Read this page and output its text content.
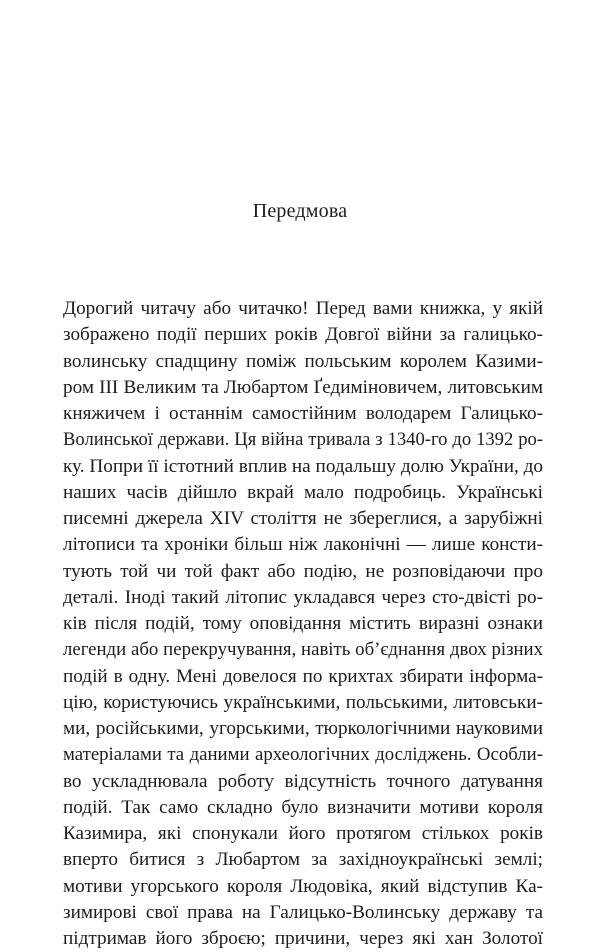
Передмова
Дорогий читачу або читачко! Перед вами книжка, у якій
зображено події перших років Довгої війни за галицько-
волинську спадщину поміж польським королем Казими-
ром III Великим та Любартом Ґедиміновичем, литовським
княжичем і останнім самостійним володарем Галицько-
Волинської держави. Ця війна тривала з 1340-го до 1392 ро-
ку. Попри її істотний вплив на подальшу долю України, до
наших часів дійшло вкрай мало подробиць. Українські
писемні джерела XIV століття не збереглися, а зарубіжні
літописи та хроніки більш ніж лаконічні — лише консти-
тують той чи той факт або подію, не розповідаючи про
деталі. Іноді такий літопис укладався через сто-двісті ро-
ків після подій, тому оповідання містить виразні ознаки
легенди або перекручування, навіть об’єднання двох різних
подій в одну. Мені довелося по крихтах збирати інформа-
цію, користуючись українськими, польськими, литовськи-
ми, російськими, угорськими, тюркологічними науковими
матеріалами та даними археологічних досліджень. Особли-
во ускладнювала роботу відсутність точного датування
подій. Так само складно було визначити мотиви короля
Казимира, які спонукали його протягом стількох років
вперто битися з Любартом за західноукраїнські землі;
мотиви угорського короля Людовіка, який відступив Ка-
зимирові свої права на Галицько-Волинську державу та
підтримав його зброєю; причини, через які хан Золотої
